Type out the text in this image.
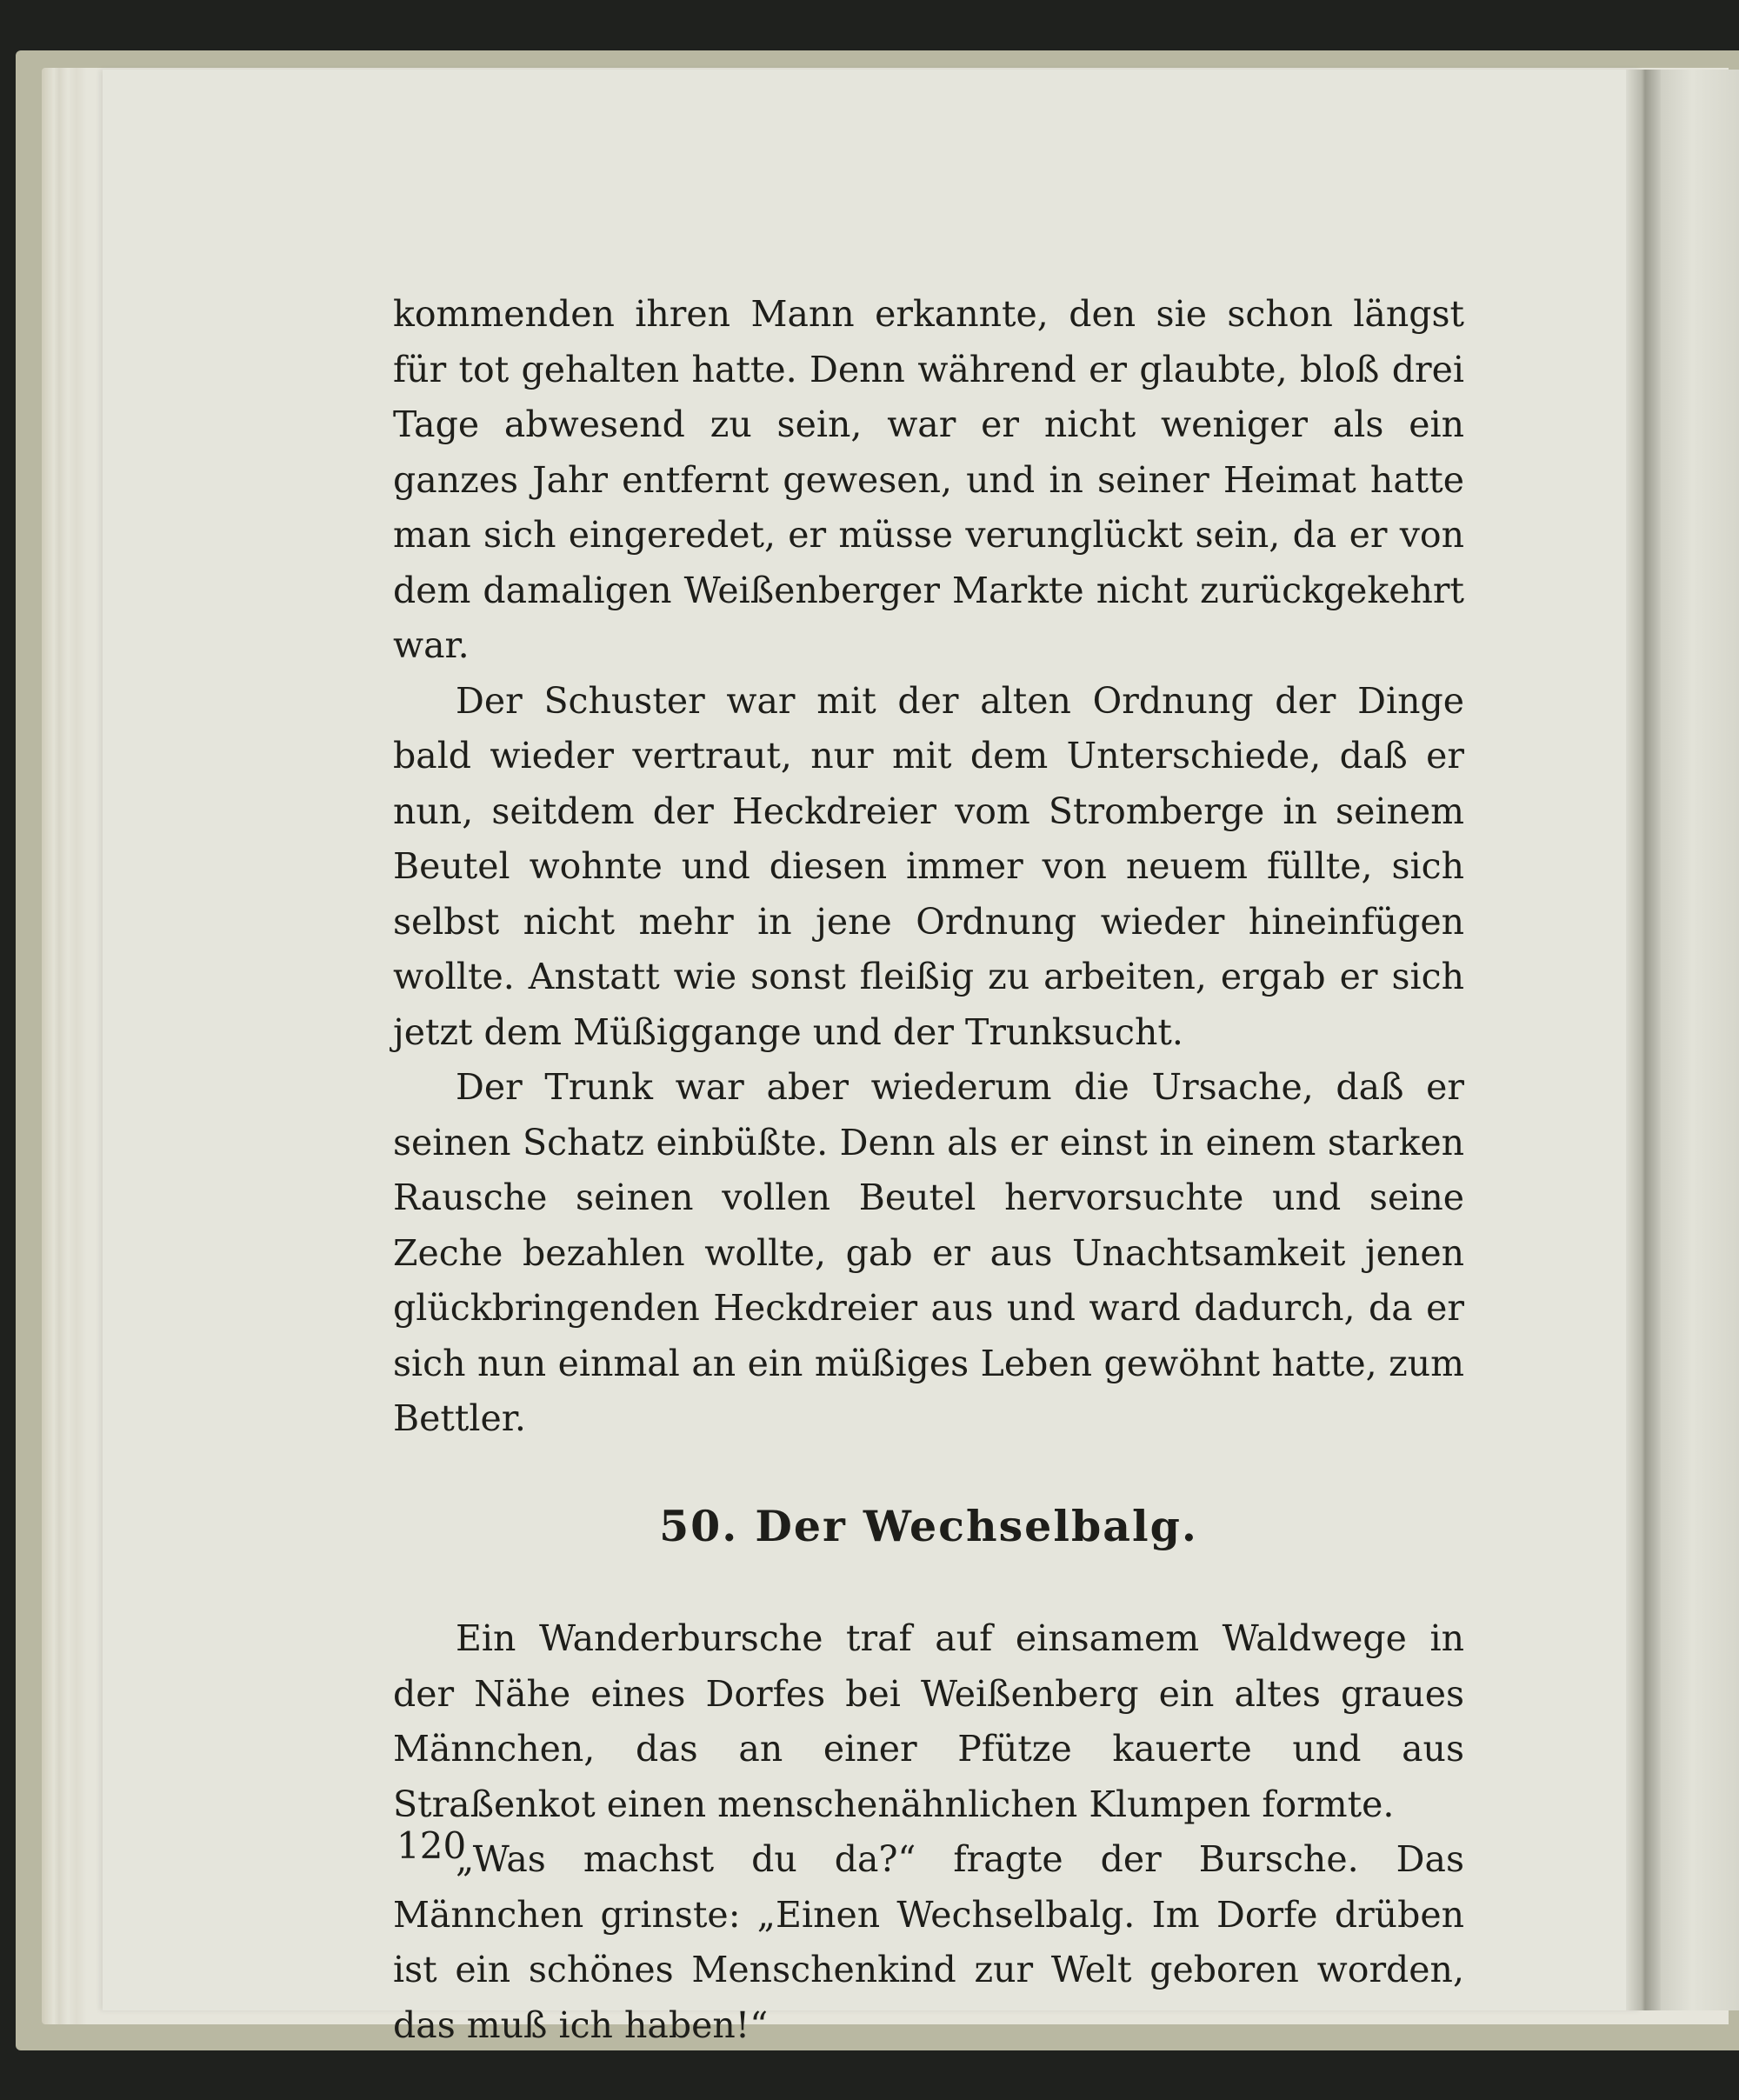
kommenden ihren Mann erkannte, den sie schon längst für tot gehalten hatte. Denn während er glaubte, bloß drei Tage abwesend zu sein, war er nicht weniger als ein ganzes Jahr entfernt gewesen, und in seiner Heimat hatte man sich eingeredet, er müsse verunglückt sein, da er von dem damaligen Weißenberger Markte nicht zurückgekehrt war.

Der Schuster war mit der alten Ordnung der Dinge bald wieder vertraut, nur mit dem Unterschiede, daß er nun, seitdem der Heckdreier vom Stromberge in seinem Beutel wohnte und diesen immer von neuem füllte, sich selbst nicht mehr in jene Ordnung wieder hineinfügen wollte. Anstatt wie sonst fleißig zu arbeiten, ergab er sich jetzt dem Müßiggange und der Trunksucht.

Der Trunk war aber wiederum die Ursache, daß er seinen Schatz einbüßte. Denn als er einst in einem starken Rausche seinen vollen Beutel hervorsuchte und seine Zeche bezahlen wollte, gab er aus Unachtsamkeit jenen glückbringenden Heckdreier aus und ward dadurch, da er sich nun einmal an ein müßiges Leben gewöhnt hatte, zum Bettler.

50. Der Wechselbalg.

Ein Wanderbursche traf auf einsamem Waldwege in der Nähe eines Dorfes bei Weißenberg ein altes graues Männchen, das an einer Pfütze kauerte und aus Straßenkot einen menschenähnlichen Klumpen formte.

„Was machst du da?“ fragte der Bursche. Das Männchen grinste: „Einen Wechselbalg. Im Dorfe drüben ist ein schönes Menschenkind zur Welt geboren worden, das muß ich haben!“

120
